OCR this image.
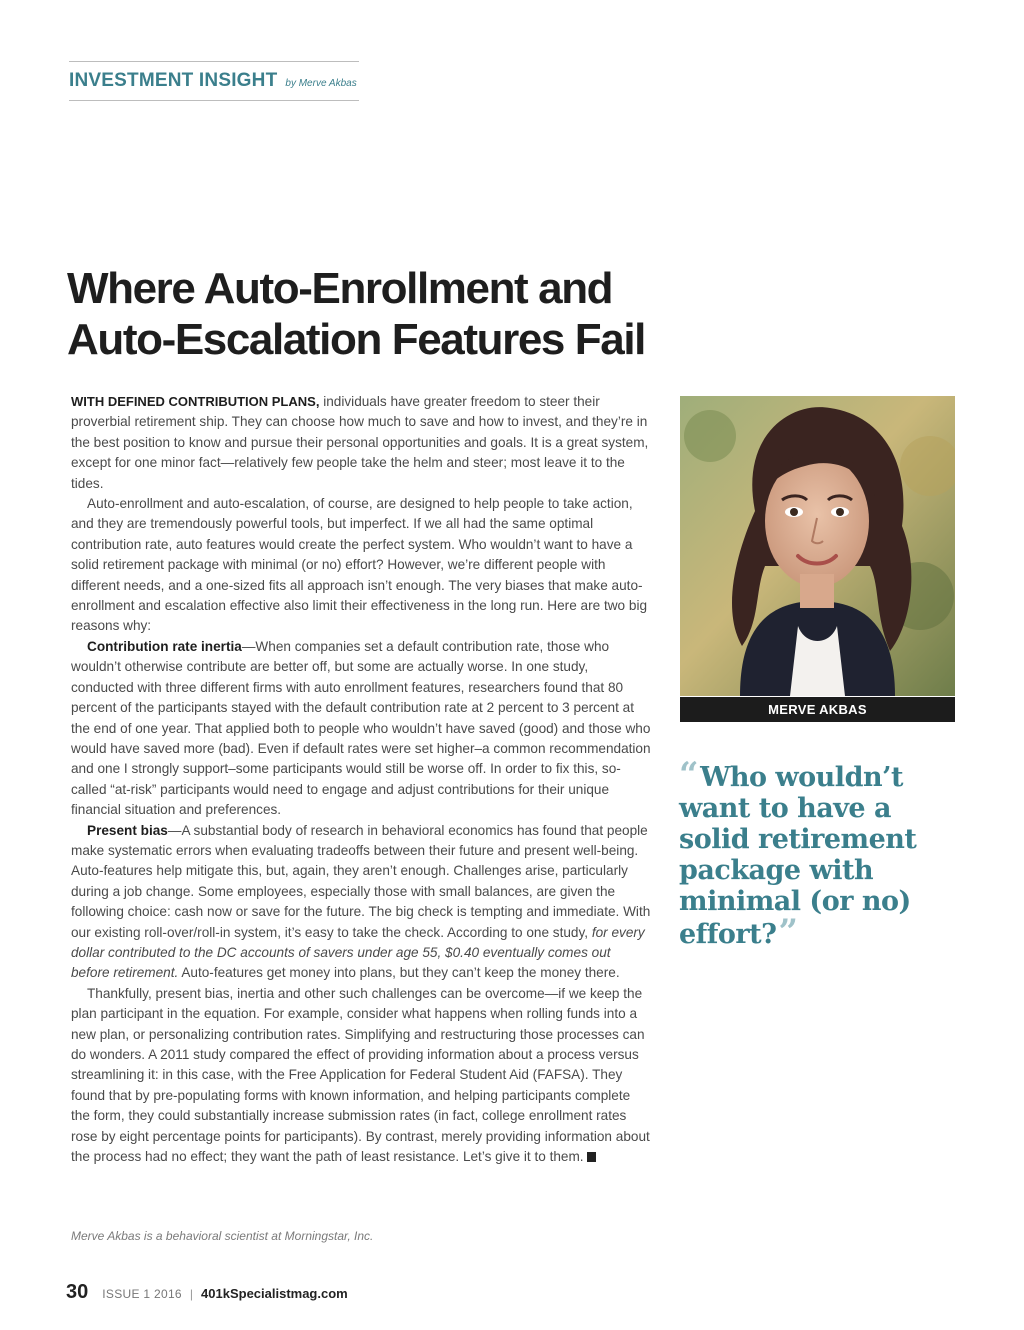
INVESTMENT INSIGHT by Merve Akbas
Where Auto-Enrollment and
Auto-Escalation Features Fail

WITH DEFINED CONTRIBUTION PLANS, individuals have greater freedom to steer their proverbial retirement ship. They can choose how much to save and how to invest, and they’re in the best position to know and pursue their personal opportunities and goals. It is a great system, except for one minor fact—relatively few people take the helm and steer; most leave it to the tides.

Auto-enrollment and auto-escalation, of course, are designed to help people to take action, and they are tremendously powerful tools, but imperfect. If we all had the same optimal contribution rate, auto features would create the perfect system. Who wouldn’t want to have a solid retirement package with minimal (or no) effort? However, we’re different people with different needs, and a one-sized fits all approach isn’t enough. The very biases that make auto-enrollment and escalation effective also limit their effectiveness in the long run. Here are two big reasons why:

Contribution rate inertia—When companies set a default contribution rate, those who wouldn’t otherwise contribute are better off, but some are actually worse. In one study, conducted with three different firms with auto enrollment features, researchers found that 80 percent of the participants stayed with the default contribution rate at 2 percent to 3 percent at the end of one year. That applied both to people who wouldn’t have saved (good) and those who would have saved more (bad). Even if default rates were set higher–a common recommendation and one I strongly support–some participants would still be worse off. In order to fix this, so-called “at-risk” participants would need to engage and adjust contributions for their unique financial situation and preferences.

Present bias—A substantial body of research in behavioral economics has found that people make systematic errors when evaluating tradeoffs between their future and present well-being. Auto-features help mitigate this, but, again, they aren’t enough. Challenges arise, particularly during a job change. Some employees, especially those with small balances, are given the following choice: cash now or save for the future. The big check is tempting and immediate. With our existing roll-over/roll-in system, it’s easy to take the check. According to one study, for every dollar contributed to the DC accounts of savers under age 55, $0.40 eventually comes out before retirement. Auto-features get money into plans, but they can’t keep the money there.

Thankfully, present bias, inertia and other such challenges can be overcome—if we keep the plan participant in the equation. For example, consider what happens when rolling funds into a new plan, or personalizing contribution rates. Simplifying and restructuring those processes can do wonders. A 2011 study compared the effect of providing information about a process versus streamlining it: in this case, with the Free Application for Federal Student Aid (FAFSA). They found that by pre-populating forms with known information, and helping participants complete the form, they could substantially increase submission rates (in fact, college enrollment rates rose by eight percentage points for participants). By contrast, merely providing information about the process had no effect; they want the path of least resistance. Let’s give it to them. K

Merve Akbas is a behavioral scientist at Morningstar, Inc.
MERVE AKBAS

“Who wouldn’t want to have a solid retirement package with minimal (or no) effort?”

30 ISSUE 1 2016 | 401kSpecialistmag.com
